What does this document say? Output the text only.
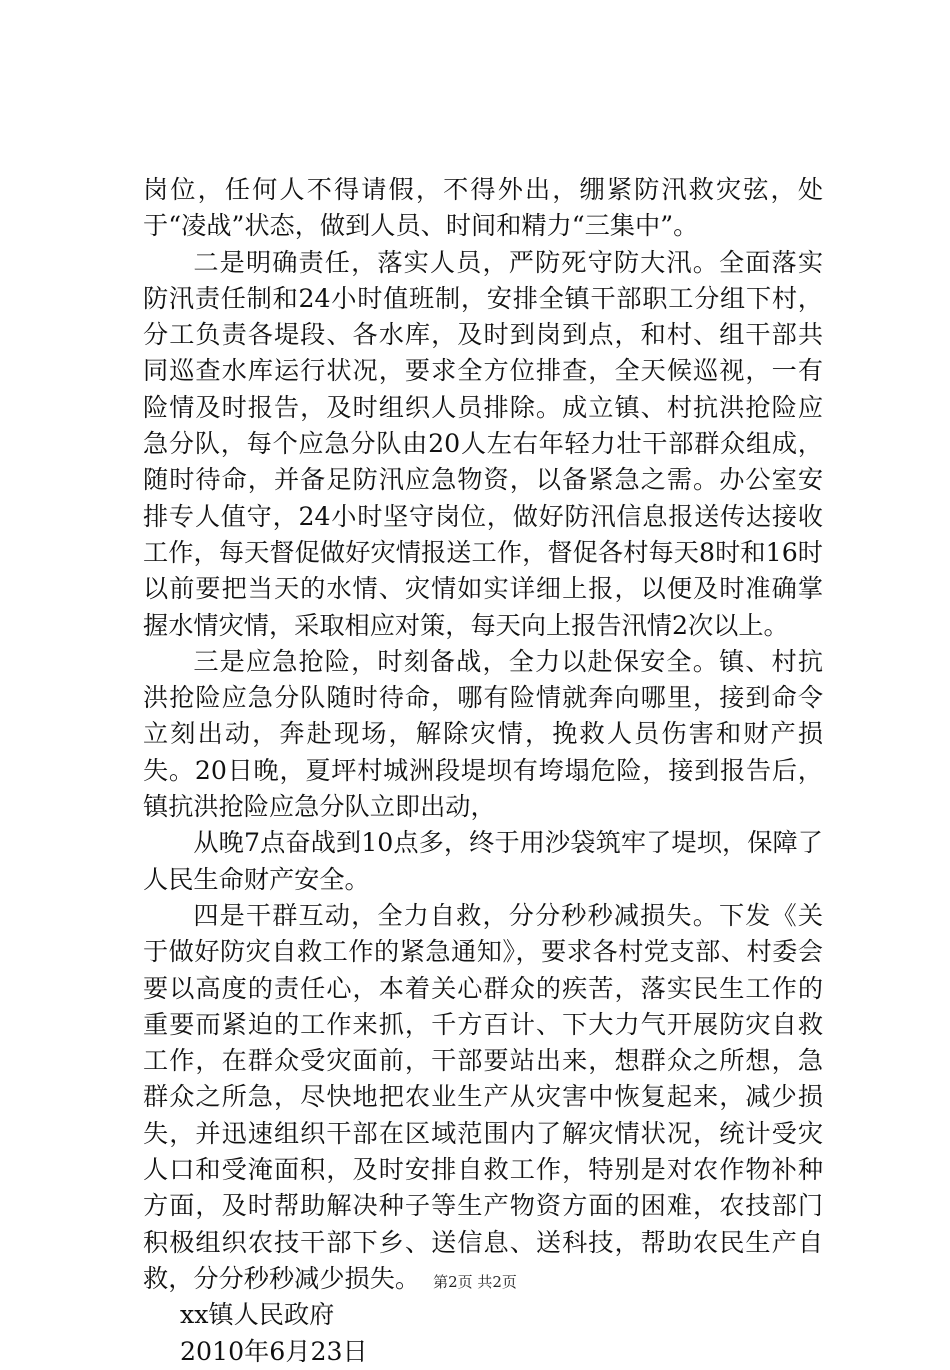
岗位，任何人不得请假，不得外出，绷紧防汛救灾弦，处于“凌战”状态，做到人员、时间和精力“三集中”。

二是明确责任，落实人员，严防死守防大汛。全面落实防汛责任制和24小时值班制，安排全镇干部职工分组下村，分工负责各堤段、各水库，及时到岗到点，和村、组干部共同巡查水库运行状况，要求全方位排查，全天候巡视，一有险情及时报告，及时组织人员排除。成立镇、村抗洪抢险应急分队，每个应急分队由20人左右年轻力壮干部群众组成，随时待命，并备足防汛应急物资，以备紧急之需。办公室安排专人值守，24小时坚守岗位，做好防汛信息报送传达接收工作，每天督促做好灾情报送工作，督促各村每天8时和16时以前要把当天的水情、灾情如实详细上报，以便及时准确掌握水情灾情，采取相应对策，每天向上报告汛情2次以上。

三是应急抢险，时刻备战，全力以赴保安全。镇、村抗洪抢险应急分队随时待命，哪有险情就奔向哪里，接到命令立刻出动，奔赴现场，解除灾情，挽救人员伤害和财产损失。20日晚，夏坪村城洲段堤坝有垮塌危险，接到报告后，镇抗洪抢险应急分队立即出动，

从晚7点奋战到10点多，终于用沙袋筑牢了堤坝，保障了人民生命财产安全。

四是干群互动，全力自救，分分秒秒减损失。下发《关于做好防灾自救工作的紧急通知》，要求各村党支部、村委会要以高度的责任心，本着关心群众的疾苦，落实民生工作的重要而紧迫的工作来抓，千方百计、下大力气开展防灾自救工作，在群众受灾面前，干部要站出来，想群众之所想，急群众之所急，尽快地把农业生产从灾害中恢复起来，减少损失，并迅速组织干部在区域范围内了解灾情状况，统计受灾人口和受淹面积，及时安排自救工作，特别是对农作物补种方面，及时帮助解决种子等生产物资方面的困难，农技部门积极组织农技干部下乡、送信息、送科技，帮助农民生产自救，分分秒秒减少损失。

xx镇人民政府

2010年6月23日

第2页 共2页
